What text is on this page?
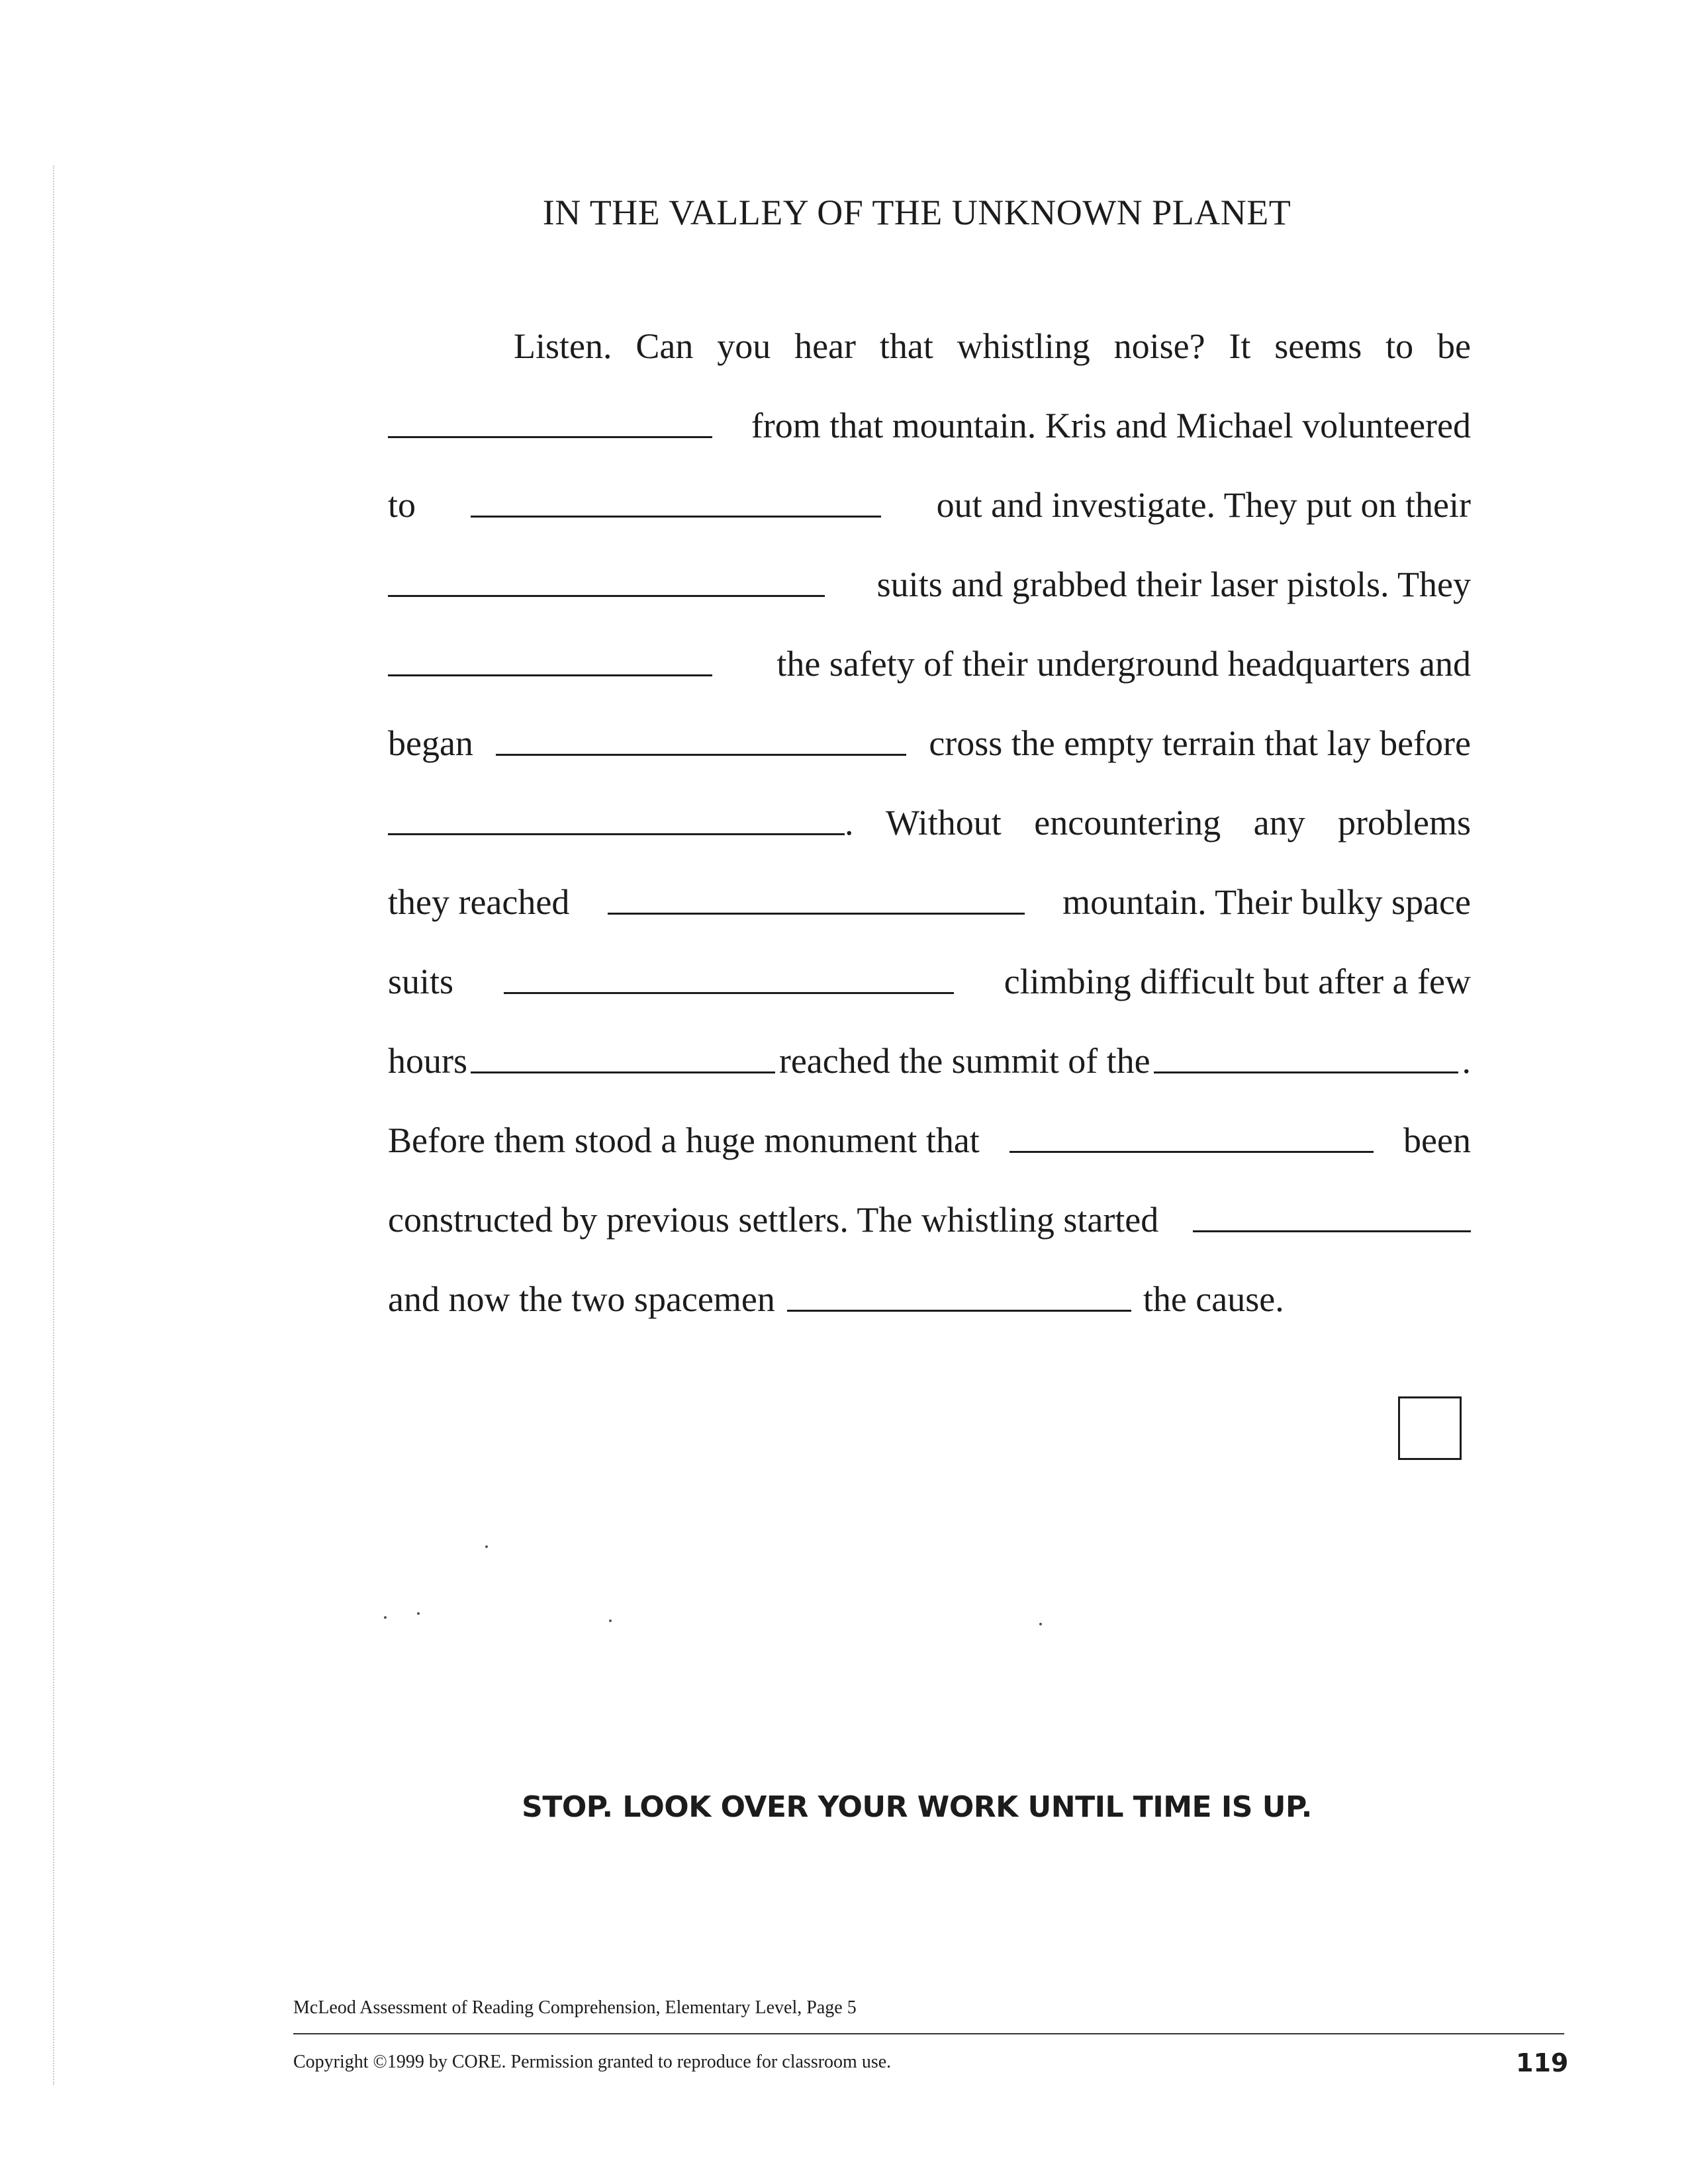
IN THE VALLEY OF THE UNKNOWN PLANET
Listen. Can you hear that whistling noise? It seems to be
from that mountain. Kris and Michael volunteered
to	out and investigate. They put on their
suits and grabbed their laser pistols. They
the safety of their underground headquarters and
began	cross the empty terrain that lay before
. Without encountering any problems
they reached	mountain. Their bulky space
suits	climbing difficult but after a few
hours	reached the summit of the	.
Before them stood a huge monument that	been
constructed by previous settlers. The whistling started
and now the two spacemen	the cause.
STOP. LOOK OVER YOUR WORK UNTIL TIME IS UP.
McLeod Assessment of Reading Comprehension, Elementary Level, Page 5
Copyright ©1999 by CORE. Permission granted to reproduce for classroom use.	119
